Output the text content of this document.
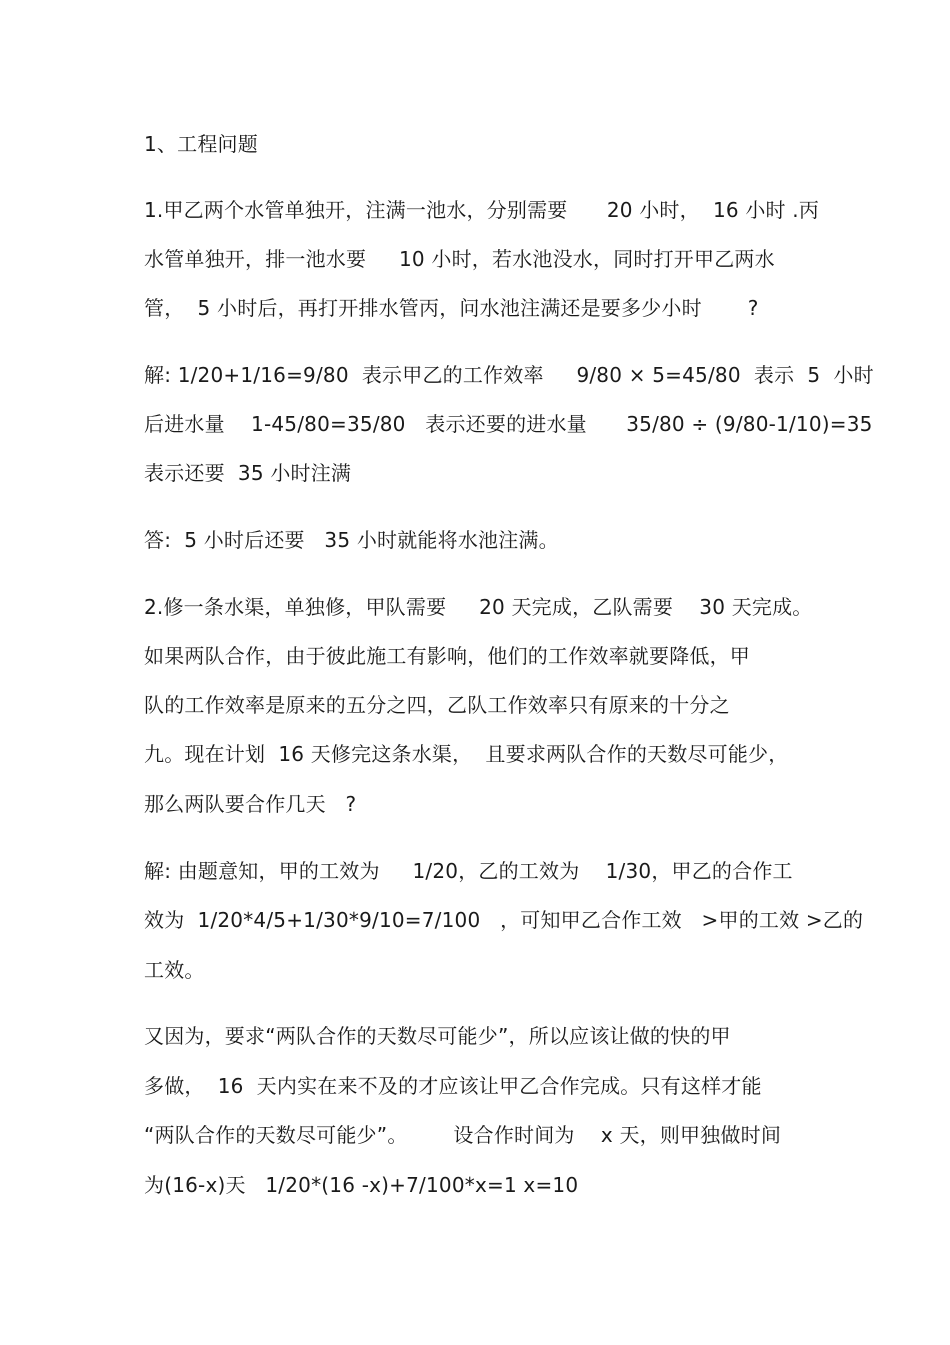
1、工程问题
1.甲乙两个水管单独开，注满一池水，分别需要      20 小时，  16 小时 .丙
水管单独开，排一池水要     10 小时，若水池没水，同时打开甲乙两水
管，  5 小时后，再打开排水管丙，问水池注满还是要多少小时       ?
解: 1/20+1/16=9/80  表示甲乙的工作效率     9/80 × 5=45/80  表示  5  小时
后进水量    1-45/80=35/80   表示还要的进水量      35/80 ÷ (9/80-1/10)=35
表示还要  35 小时注满
答:  5 小时后还要   35 小时就能将水池注满。
2.修一条水渠，单独修，甲队需要     20 天完成，乙队需要    30 天完成。
如果两队合作，由于彼此施工有影响，他们的工作效率就要降低，甲
队的工作效率是原来的五分之四，乙队工作效率只有原来的十分之
九。现在计划  16 天修完这条水渠，  且要求两队合作的天数尽可能少，
那么两队要合作几天   ?
解: 由题意知，甲的工效为     1/20，乙的工效为    1/30，甲乙的合作工
效为  1/20*4/5+1/30*9/10=7/100   ，可知甲乙合作工效   >甲的工效 >乙的
工效。
又因为，要求“两队合作的天数尽可能少”，所以应该让做的快的甲
多做，  16  天内实在来不及的才应该让甲乙合作完成。只有这样才能
“两队合作的天数尽可能少”。       设合作时间为    x 天，则甲独做时间
为(16-x)天   1/20*(16 -x)+7/100*x=1 x=10
